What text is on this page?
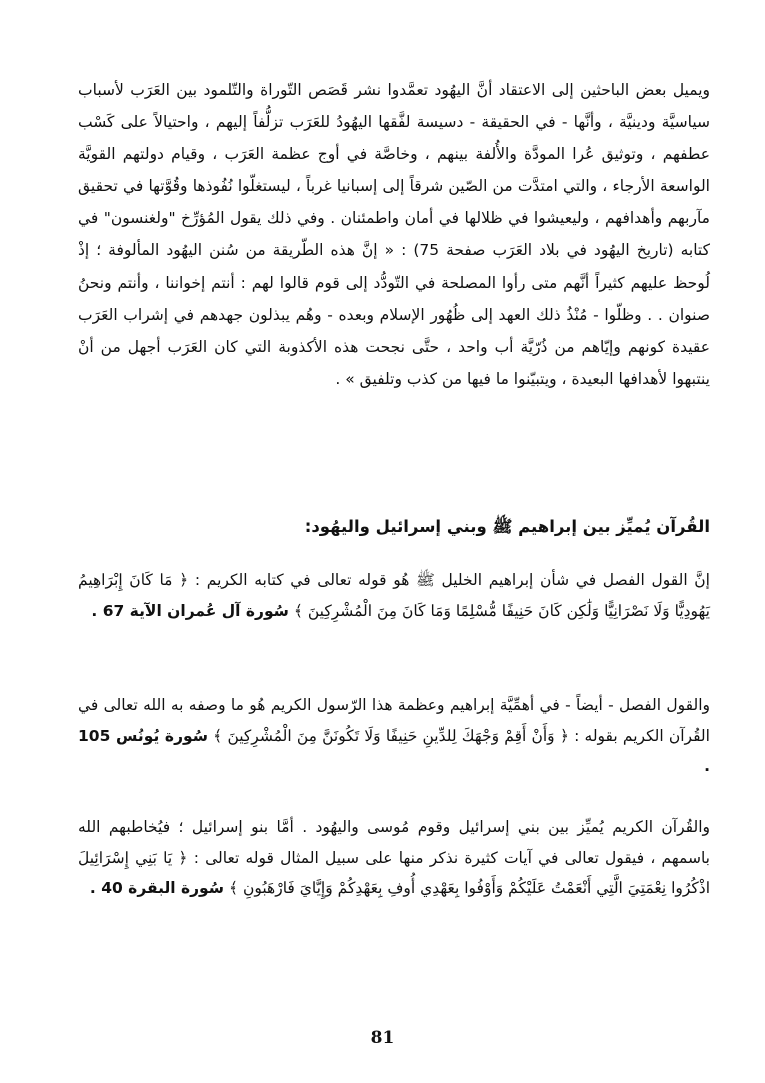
ويميل بعض الباحثين إلى الاعتقاد أنَّ اليهُود تعمَّدوا نشر قَصَص التّوراة والتّلمود بين العَرَب لأسباب سياسيَّة ودينيَّة ، وأنَّها - في الحقيقة - دسيسة لفَّقها اليهُودُ للعَرَب تزلُّفاً إليهم ، واحتيالاً على كَسْب عطفهم ، وتوثيق عُرا المودَّة والأُلفة بينهم ، وخاصَّة في أوج عظمة العَرَب ، وقيام دولتهم القويَّة الواسعة الأرجاء ، والتي امتدَّت من الصّين شرقاً إلى إسبانيا غرباً ، ليستغلّوا نُفُوذها وقُوَّتها في تحقيق مآربهم وأهدافهم ، وليعيشوا في ظلالها في أمان واطمئنان . وفي ذلك يقول المُؤرِّخ "ولغنسون" في كتابه (تاريخ اليهُود في بلاد العَرَب صفحة 75) : « إنَّ هذه الطّريقة من سُنن اليهُود المألوفة ؛ إذْ لُوحظ عليهم كثيراً أنَّهم متى رأوا المصلحة في التّودُّد إلى قوم قالوا لهم : أنتم إخواننا ، وأنتم ونحنُ صنوان . . وظلّوا - مُنْذُ ذلك العهد إلى ظُهُور الإسلام وبعده - وهُم يبذلون جهدهم في إشراب العَرَب عقيدة كونهم وإيّاهم من ذُرّيَّة أب واحد ، حتَّى نجحت هذه الأكذوبة التي كان العَرَب أجهل من أنْ ينتبهوا لأهدافها البعيدة ، ويتبيّنوا ما فيها من كذب وتلفيق » .

القُرآن يُميِّز بين إبراهيم ﷺ وبني إسرائيل واليهُود:

إنَّ القول الفصل في شأن إبراهيم الخليل ﷺ هُو قوله تعالى في كتابه الكريم : ﴿ مَا كَانَ إِبْرَاهِيمُ يَهُودِيًّا وَلَا نَصْرَانِيًّا وَلَٰكِن كَانَ حَنِيفًا مُّسْلِمًا وَمَا كَانَ مِنَ الْمُشْرِكِينَ ﴾ سُورة آل عُمران الآية 67 .

والقول الفصل - أيضاً - في أهمِّيَّة إبراهيم وعظمة هذا الرّسول الكريم هُو ما وصفه به الله تعالى في القُرآن الكريم بقوله : ﴿ وَأَنْ أَقِمْ وَجْهَكَ لِلدِّينِ حَنِيفًا وَلَا تَكُونَنَّ مِنَ الْمُشْرِكِينَ ﴾ سُورة يُونُس 105 .

والقُرآن الكريم يُميِّز بين بني إسرائيل وقوم مُوسى واليهُود . أمَّا بنو إسرائيل ؛ فيُخاطبهم الله باسمهم ، فيقول تعالى في آيات كثيرة نذكر منها على سبيل المثال قوله تعالى : ﴿ يَا بَنِي إِسْرَائِيلَ اذْكُرُوا نِعْمَتِيَ الَّتِي أَنْعَمْتُ عَلَيْكُمْ وَأَوْفُوا بِعَهْدِي أُوفِ بِعَهْدِكُمْ وَإِيَّايَ فَارْهَبُونِ ﴾ سُورة البقرة 40 .

81
